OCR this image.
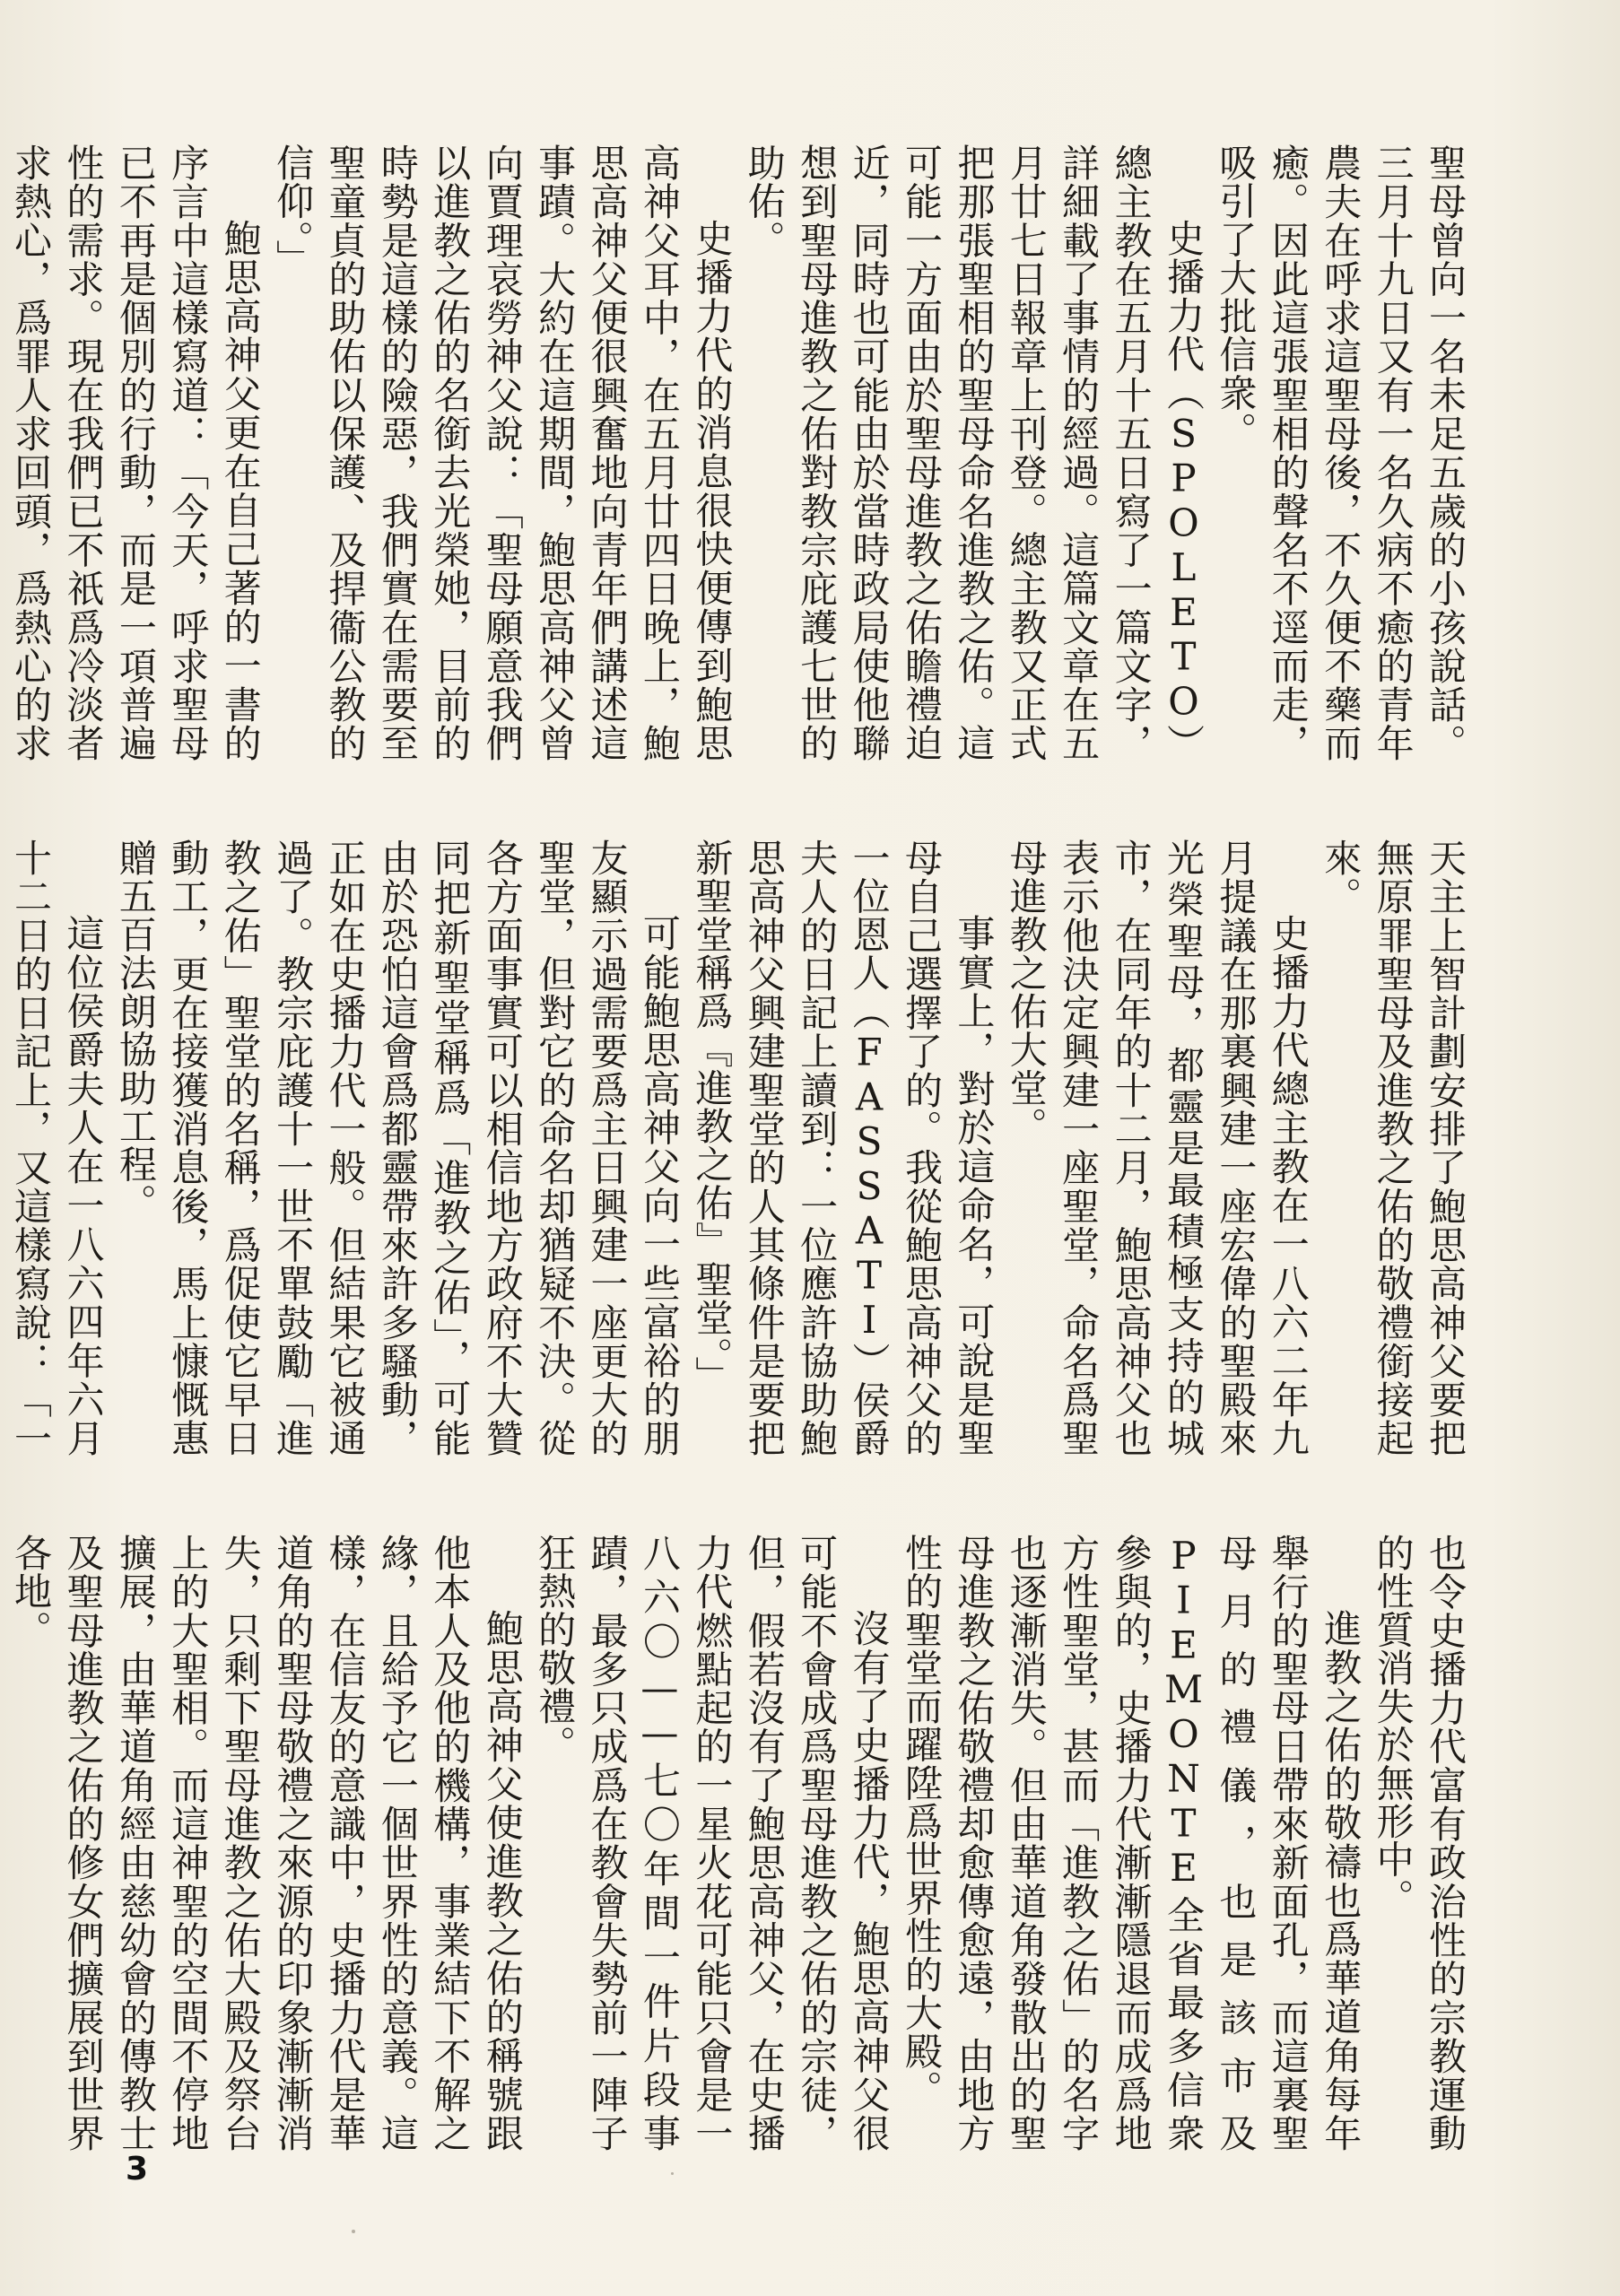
聖母曾向一名未足五歲的小孩說話。三月十九日又有一名久病不癒的青年農夫在呼求這聖母後，不久便不藥而癒。因此這張聖相的聲名不逕而走，吸引了大批信衆。

史播力代（SPOLETO）總主教在五月十五日寫了一篇文字，詳細載了事情的經過。這篇文章在五月廿七日報章上刊登。總主教又正式把那張聖相的聖母命名進教之佑。這可能一方面由於聖母進教之佑瞻禮迫近，同時也可能由於當時政局使他聯想到聖母進教之佑對教宗庇護七世的助佑。

史播力代的消息很快便傳到鮑思高神父耳中，在五月廿四日晚上，鮑思高神父便很興奮地向青年們講述這事蹟。大約在這期間，鮑思高神父曾向賈理哀勞神父說：「聖母願意我們以進教之佑的名銜去光榮她，目前的時勢是這樣的險惡，我們實在需要至聖童貞的助佑以保護、及捍衞公教的信仰。」

鮑思高神父更在自己著的一書的序言中這樣寫道：「今天，呼求聖母已不再是個別的行動，而是一項普遍性的需求。現在我們已不祇爲冷淡者求熱心，爲罪人求回頭，爲熱心的求

天主上智計劃安排了鮑思高神父要把無原罪聖母及進教之佑的敬禮銜接起來。

史播力代總主教在一八六二年九月提議在那裏興建一座宏偉的聖殿來光榮聖母，都靈是最積極支持的城市，在同年的十二月，鮑思高神父也表示他決定興建一座聖堂，命名爲聖母進教之佑大堂。

事實上，對於這命名，可說是聖母自己選擇了的。我從鮑思高神父的一位恩人（FASSATI）侯爵夫人的日記上讀到：一位應許協助鮑思高神父興建聖堂的人其條件是要把新聖堂稱爲『進教之佑』聖堂。」

可能鮑思高神父向一些富裕的朋友顯示過需要爲主日興建一座更大的聖堂，但對它的命名却猶疑不決。從各方面事實可以相信地方政府不大贊同把新聖堂稱爲「進教之佑」，可能由於恐怕這會爲都靈帶來許多騷動，正如在史播力代一般。但結果它被通過了。教宗庇護十一世不單鼓勵「進教之佑」聖堂的名稱，爲促使它早日動工，更在接獲消息後，馬上慷慨惠贈五百法朗協助工程。

這位侯爵夫人在一八六四年六月十二日的日記上，又這樣寫說：「一

也令史播力代富有政治性的宗教運動的性質消失於無形中。

進教之佑的敬禱也爲華道角每年舉行的聖母日帶來新面孔，而這裏聖母月的禮儀，也是該市及PIEMONTE全省最多信衆參與的，史播力代漸漸隱退而成爲地方性聖堂，甚而「進教之佑」的名字也逐漸消失。但由華道角發散出的聖母進教之佑敬禮却愈傳愈遠，由地方性的聖堂而躍陞爲世界性的大殿。

沒有了史播力代，鮑思高神父很可能不會成爲聖母進教之佑的宗徒，但，假若沒有了鮑思高神父，在史播力代燃點起的一星火花可能只會是一八六〇——七〇年間一件片段事蹟，最多只成爲在教會失勢前一陣子狂熱的敬禮。

鮑思高神父使進教之佑的稱號跟他本人及他的機構，事業結下不解之緣，且給予它一個世界性的意義。這樣，在信友的意識中，史播力代是華道角的聖母敬禮之來源的印象漸漸消失，只剩下聖母進教之佑大殿及祭台上的大聖相。而這神聖的空間不停地擴展，由華道角經由慈幼會的傳教士及聖母進教之佑的修女們擴展到世界各地。

3
